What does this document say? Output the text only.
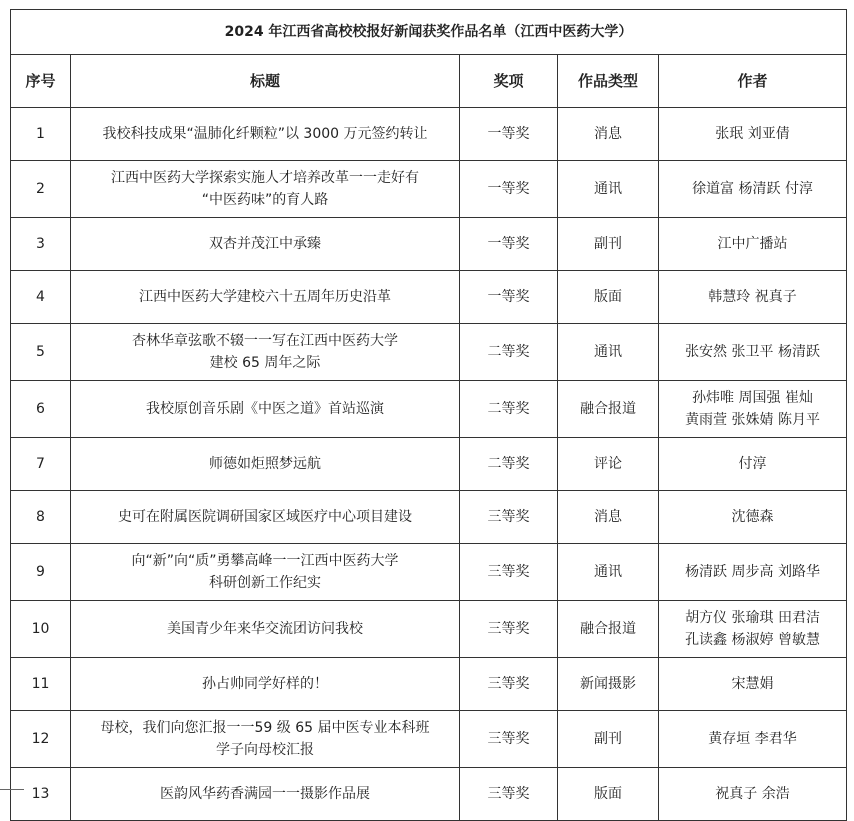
2024 年江西省高校校报好新闻获奖作品名单（江西中医药大学）				
序号	标题	奖项	作品类型	作者
1	我校科技成果“温肺化纤颗粒”以 3000 万元签约转让	一等奖	消息	张珉 刘亚倩

2	江西中医药大学探索实施人才培养改革一一走好有
“中医药味”的育人路	一等奖	通讯	徐道富 杨清跃 付淳

3	双杏并茂江中承臻	一等奖	副刊	江中广播站

4	江西中医药大学建校六十五周年历史沿革	一等奖	版面	韩慧玲 祝真子

5	杏林华章弦歌不辍一一写在江西中医药大学
建校 65 周年之际	二等奖	通讯	张安然 张卫平 杨清跃

6	我校原创音乐剧《中医之道》首站巡演	二等奖	融合报道	孙炜唯 周国强 崔灿
黄雨萱 张姝婧 陈月平

7	师德如炬照梦远航	二等奖	评论	付淳

8	史可在附属医院调研国家区域医疗中心项目建设	三等奖	消息	沈德森

9	向“新”向“质”勇攀高峰一一江西中医药大学
科研创新工作纪实	三等奖	通讯	杨清跃 周步高 刘路华

10	美国青少年来华交流团访问我校	三等奖	融合报道	胡方仪 张瑜琪 田君洁
孔读鑫 杨淑婷 曾敏慧

11	孙占帅同学好样的！	三等奖	新闻摄影	宋慧娟

12	母校，我们向您汇报一一59 级 65 届中医专业本科班
学子向母校汇报	三等奖	副刊	黄存垣 李君华

13	医韵风华药香满园一一摄影作品展	三等奖	版面	祝真子 余浩
